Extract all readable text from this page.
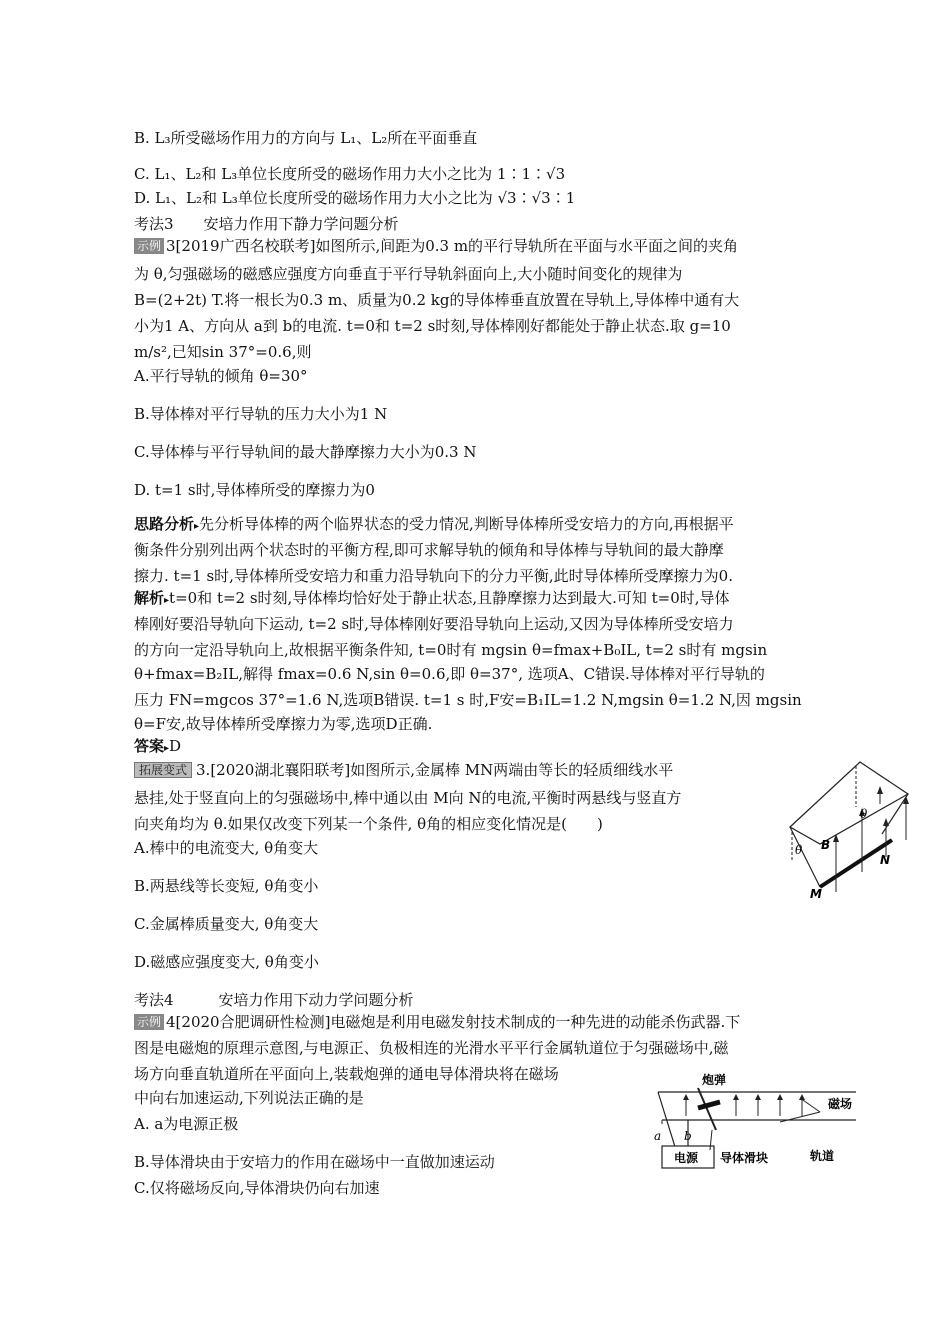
B. L₃所受磁场作用力的方向与 L₁、L₂所在平面垂直
C. L₁、L₂和 L₃单位长度所受的磁场作用力大小之比为 1∶1∶√3
D. L₁、L₂和 L₃单位长度所受的磁场作用力大小之比为 √3∶√3∶1
考法3　　安培力作用下静力学问题分析
示例 3[2019广西名校联考]如图所示,间距为0.3 m的平行导轨所在平面与水平面之间的夹角
为 θ,匀强磁场的磁感应强度方向垂直于平行导轨斜面向上,大小随时间变化的规律为
B=(2+2t) T.将一根长为0.3 m、质量为0.2 kg的导体棒垂直放置在导轨上,导体棒中通有大
小为1 A、方向从 a到 b的电流. t=0和 t=2 s时刻,导体棒刚好都能处于静止状态.取 g=10
m/s²,已知sin 37°=0.6,则
A.平行导轨的倾角 θ=30°
B.导体棒对平行导轨的压力大小为1 N
C.导体棒与平行导轨间的最大静摩擦力大小为0.3 N
D. t=1 s时,导体棒所受的摩擦力为0
思路分析▸先分析导体棒的两个临界状态的受力情况,判断导体棒所受安培力的方向,再根据平
衡条件分别列出两个状态时的平衡方程,即可求解导轨的倾角和导体棒与导轨间的最大静摩
擦力. t=1 s时,导体棒所受安培力和重力沿导轨向下的分力平衡,此时导体棒所受摩擦力为0.
解析▸t=0和 t=2 s时刻,导体棒均恰好处于静止状态,且静摩擦力达到最大.可知 t=0时,导体
棒刚好要沿导轨向下运动, t=2 s时,导体棒刚好要沿导轨向上运动,又因为导体棒所受安培力
的方向一定沿导轨向上,故根据平衡条件知, t=0时有 mgsin θ=fmax+B₀IL, t=2 s时有 mgsin
θ+fmax=B₂IL,解得 fmax=0.6 N,sin θ=0.6,即 θ=37°, 选项A、C错误.导体棒对平行导轨的
压力 FN=mgcos 37°=1.6 N,选项B错误. t=1 s 时,F安=B₁IL=1.2 N,mgsin θ=1.2 N,因 mgsin
θ=F安,故导体棒所受摩擦力为零,选项D正确.
答案▸D
拓展变式 3.[2020湖北襄阳联考]如图所示,金属棒 MN两端由等长的轻质细线水平
悬挂,处于竖直向上的匀强磁场中,棒中通以由 M向 N的电流,平衡时两悬线与竖直方
向夹角均为 θ.如果仅改变下列某一个条件, θ角的相应变化情况是(　　)
A.棒中的电流变大, θ角变大
B.两悬线等长变短, θ角变小
C.金属棒质量变大, θ角变大
D.磁感应强度变大, θ角变小
考法4　　　安培力作用下动力学问题分析
示例 4[2020合肥调研性检测]电磁炮是利用电磁发射技术制成的一种先进的动能杀伤武器.下
图是电磁炮的原理示意图,与电源正、负极相连的光滑水平平行金属轨道位于匀强磁场中,磁
场方向垂直轨道所在平面向上,装载炮弹的通电导体滑块将在磁场
中向右加速运动,下列说法正确的是
A. a为电源正极
B.导体滑块由于安培力的作用在磁场中一直做加速运动
C.仅将磁场反向,导体滑块仍向右加速
θ
θ
B
N
M
炮弹
磁场
a b
电源 导体滑块	轨道
